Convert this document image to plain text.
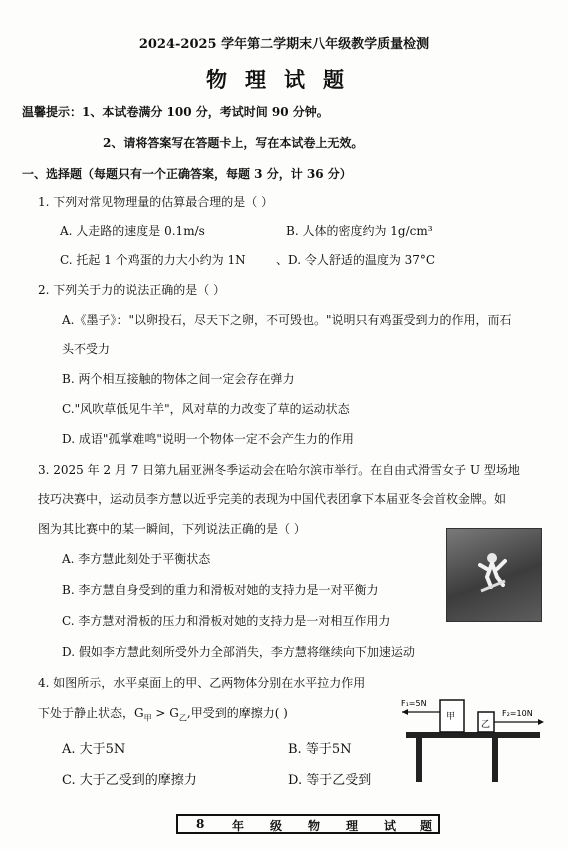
2024-2025 学年第二学期末八年级教学质量检测
物理试题
温馨提示：1、本试卷满分 100 分，考试时间 90 分钟。
2、请将答案写在答题卡上，写在本试卷上无效。
一、选择题（每题只有一个正确答案，每题 3 分，计 36 分）
1. 下列对常见物理量的估算最合理的是（ ）
A. 人走路的速度是 0.1m/s	B. 人体的密度约为 1g/cm³
C. 托起 1 个鸡蛋的力大小约为 1N	、D. 令人舒适的温度为 37°C
2. 下列关于力的说法正确的是（ ）
A.《墨子》："以卵投石，尽天下之卵，不可毁也。"说明只有鸡蛋受到力的作用，而石
头不受力
B. 两个相互接触的物体之间一定会存在弹力
C."风吹草低见牛羊"，风对草的力改变了草的运动状态
D. 成语"孤掌难鸣"说明一个物体一定不会产生力的作用
3. 2025 年 2 月 7 日第九届亚洲冬季运动会在哈尔滨市举行。在自由式滑雪女子 U 型场地
技巧决赛中，运动员李方慧以近乎完美的表现为中国代表团拿下本届亚冬会首枚金牌。如
图为其比赛中的某一瞬间，下列说法正确的是（ ）
A. 李方慧此刻处于平衡状态
B. 李方慧自身受到的重力和滑板对她的支持力是一对平衡力
C. 李方慧对滑板的压力和滑板对她的支持力是一对相互作用力
D. 假如李方慧此刻所受外力全部消失，李方慧将继续向下加速运动
4. 如图所示，水平桌面上的甲、乙两物体分别在水平拉力作用
下处于静止状态，$G_甲 > G_乙$,甲受到的摩擦力( )
A. 大于5N	B. 等于5N
C. 大于乙受到的摩擦力	D. 等于乙受到
F₁=5N
F₂=10N
甲
乙
8 年 级 物 理 试 题
